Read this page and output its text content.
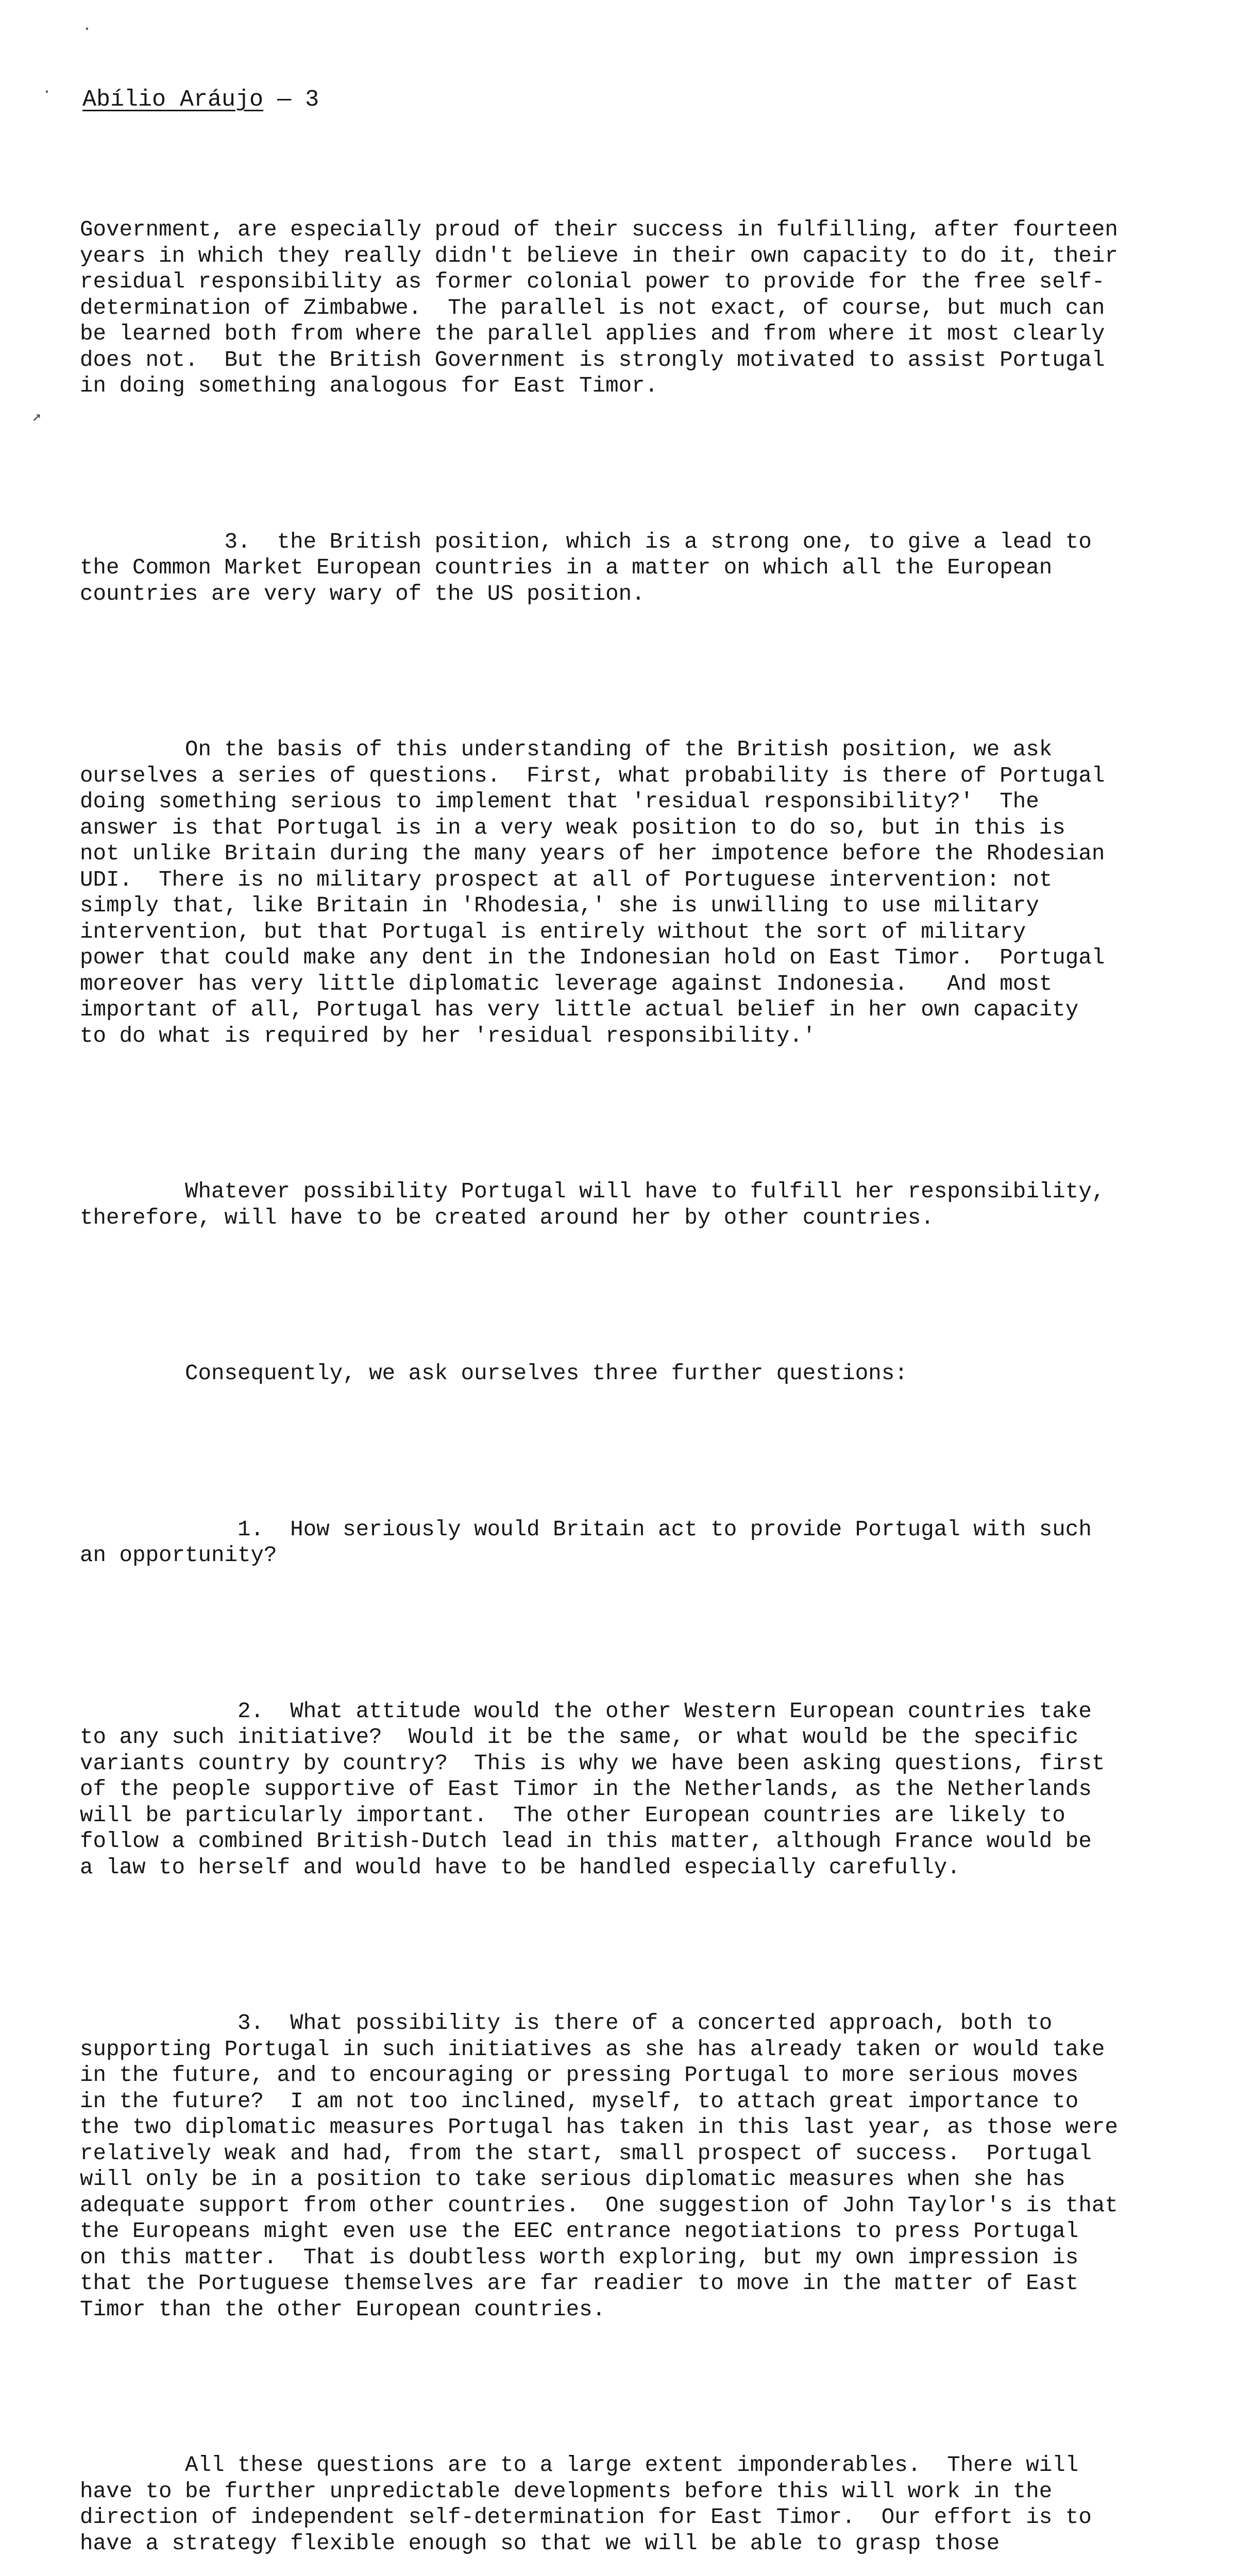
·
·
↗
Abílio Aráujo — 3

Government, are especially proud of their success in fulfilling, after fourteen
years in which they really didn't believe in their own capacity to do it, their
residual responsibility as former colonial power to provide for the free self-
determination of Zimbabwe.  The parallel is not exact, of course, but much can
be learned both from where the parallel applies and from where it most clearly
does not.  But the British Government is strongly motivated to assist Portugal
in doing something analogous for East Timor.

3.  the British position, which is a strong one, to give a lead to
the Common Market European countries in a matter on which all the European
countries are very wary of the US position.

On the basis of this understanding of the British position, we ask
ourselves a series of questions.  First, what probability is there of Portugal
doing something serious to implement that 'residual responsibility?'  The
answer is that Portugal is in a very weak position to do so, but in this is
not unlike Britain during the many years of her impotence before the Rhodesian
UDI.  There is no military prospect at all of Portuguese intervention: not
simply that, like Britain in 'Rhodesia,' she is unwilling to use military
intervention, but that Portugal is entirely without the sort of military
power that could make any dent in the Indonesian hold on East Timor.  Portugal
moreover has very little diplomatic leverage against Indonesia.   And most
important of all, Portugal has very little actual belief in her own capacity
to do what is required by her 'residual responsibility.'

Whatever possibility Portugal will have to fulfill her responsibility,
therefore, will have to be created around her by other countries.

Consequently, we ask ourselves three further questions:

1.  How seriously would Britain act to provide Portugal with such
an opportunity?

2.  What attitude would the other Western European countries take
to any such initiative?  Would it be the same, or what would be the specific
variants country by country?  This is why we have been asking questions, first
of the people supportive of East Timor in the Netherlands, as the Netherlands
will be particularly important.  The other European countries are likely to
follow a combined British-Dutch lead in this matter, although France would be
a law to herself and would have to be handled especially carefully.

3.  What possibility is there of a concerted approach, both to
supporting Portugal in such initiatives as she has already taken or would take
in the future, and to encouraging or pressing Portugal to more serious moves
in the future?  I am not too inclined, myself, to attach great importance to
the two diplomatic measures Portugal has taken in this last year, as those were
relatively weak and had, from the start, small prospect of success.  Portugal
will only be in a position to take serious diplomatic measures when she has
adequate support from other countries.  One suggestion of John Taylor's is that
the Europeans might even use the EEC entrance negotiations to press Portugal
on this matter.  That is doubtless worth exploring, but my own impression is
that the Portuguese themselves are far readier to move in the matter of East
Timor than the other European countries.

All these questions are to a large extent imponderables.  There will
have to be further unpredictable developments before this will work in the
direction of independent self-determination for East Timor.  Our effort is to
have a strategy flexible enough so that we will be able to grasp those
